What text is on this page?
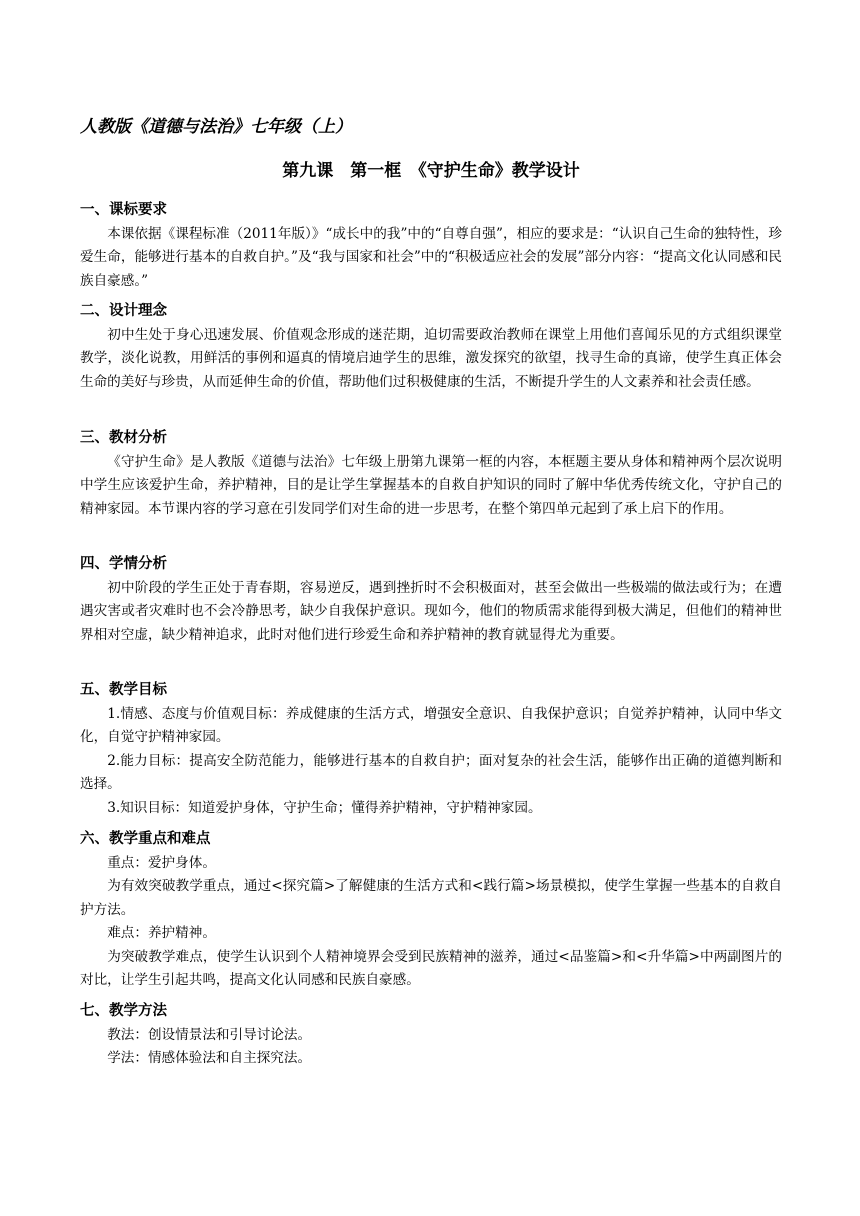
人教版《道德与法治》七年级（上）
第九课　第一框　《守护生命》教学设计
一、课标要求
本课依据《课程标准（2011年版）》“成长中的我”中的“自尊自强”，相应的要求是：“认识自己生命的独特性，珍爱生命，能够进行基本的自救自护。”及“我与国家和社会”中的“积极适应社会的发展”部分内容：“提高文化认同感和民族自豪感。”
二、设计理念
初中生处于身心迅速发展、价值观念形成的迷茫期，迫切需要政治教师在课堂上用他们喜闻乐见的方式组织课堂教学，淡化说教，用鲜活的事例和逼真的情境启迪学生的思维，激发探究的欲望，找寻生命的真谛，使学生真正体会生命的美好与珍贵，从而延伸生命的价值，帮助他们过积极健康的生活，不断提升学生的人文素养和社会责任感。
三、教材分析
《守护生命》是人教版《道德与法治》七年级上册第九课第一框的内容，本框题主要从身体和精神两个层次说明中学生应该爱护生命，养护精神，目的是让学生掌握基本的自救自护知识的同时了解中华优秀传统文化，守护自己的精神家园。本节课内容的学习意在引发同学们对生命的进一步思考，在整个第四单元起到了承上启下的作用。
四、学情分析
初中阶段的学生正处于青春期，容易逆反，遇到挫折时不会积极面对，甚至会做出一些极端的做法或行为；在遭遇灾害或者灾难时也不会冷静思考，缺少自我保护意识。现如今，他们的物质需求能得到极大满足，但他们的精神世界相对空虚，缺少精神追求，此时对他们进行珍爱生命和养护精神的教育就显得尤为重要。
五、教学目标
1.情感、态度与价值观目标：养成健康的生活方式，增强安全意识、自我保护意识；自觉养护精神，认同中华文化，自觉守护精神家园。
2.能力目标：提高安全防范能力，能够进行基本的自救自护；面对复杂的社会生活，能够作出正确的道德判断和选择。
3.知识目标：知道爱护身体，守护生命；懂得养护精神，守护精神家园。
六、教学重点和难点
重点：爱护身体。
为有效突破教学重点，通过<探究篇>了解健康的生活方式和<践行篇>场景模拟，使学生掌握一些基本的自救自护方法。
难点：养护精神。
为突破教学难点，使学生认识到个人精神境界会受到民族精神的滋养，通过<品鉴篇>和<升华篇>中两副图片的对比，让学生引起共鸣，提高文化认同感和民族自豪感。
七、教学方法
教法：创设情景法和引导讨论法。
学法：情感体验法和自主探究法。
